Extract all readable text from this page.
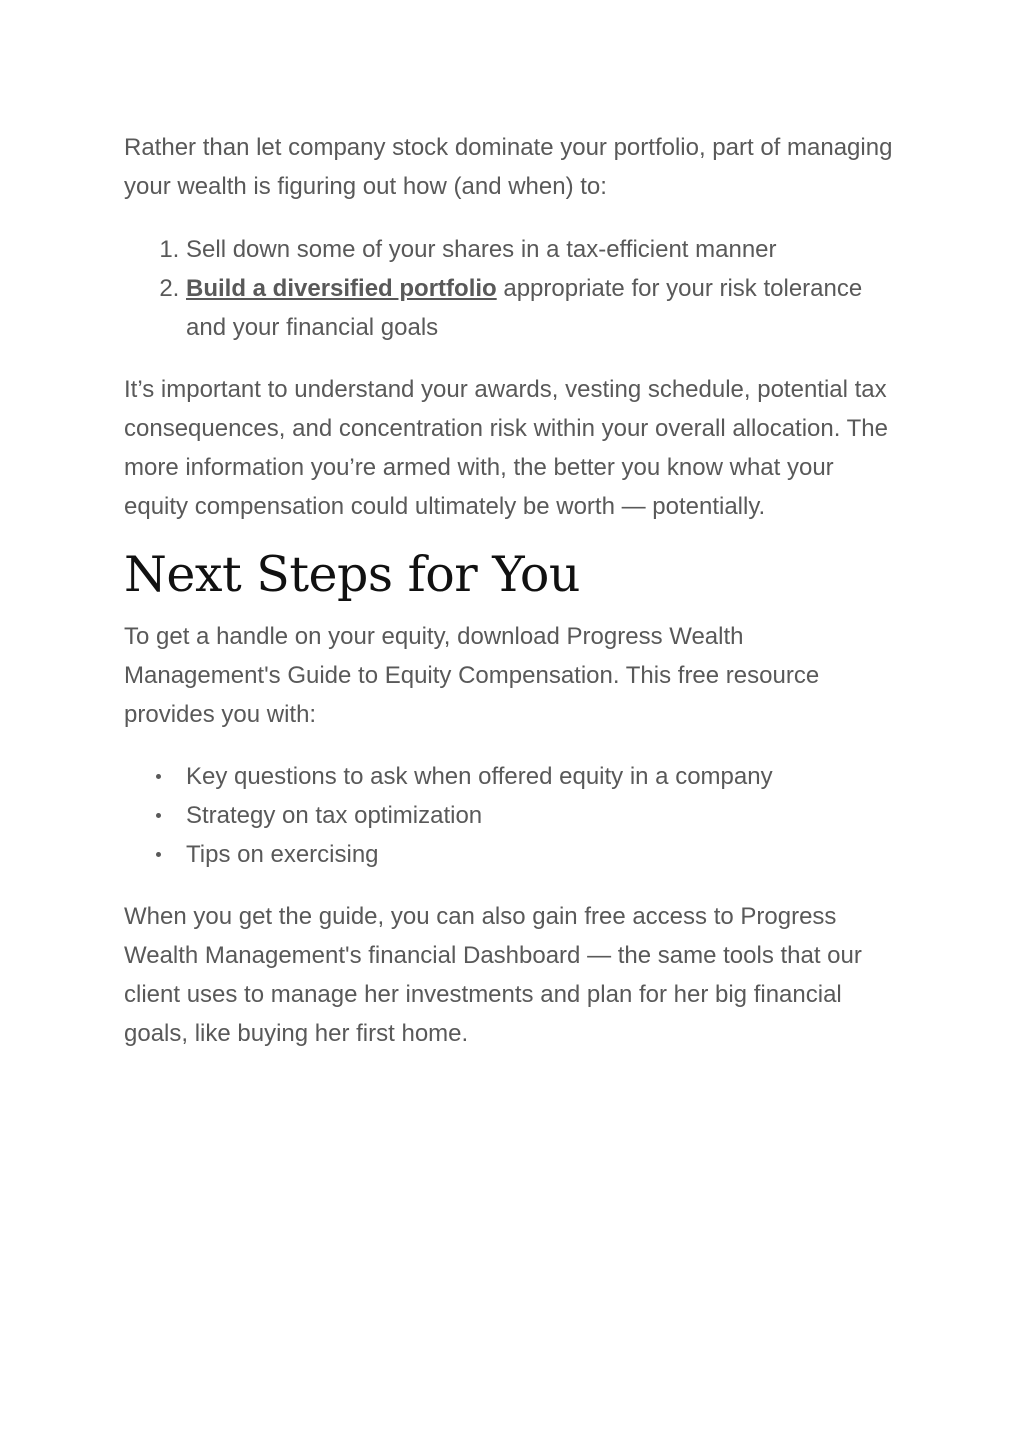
Rather than let company stock dominate your portfolio, part of managing your wealth is figuring out how (and when) to:

1. Sell down some of your shares in a tax-efficient manner
2. Build a diversified portfolio appropriate for your risk tolerance and your financial goals

It’s important to understand your awards, vesting schedule, potential tax consequences, and concentration risk within your overall allocation. The more information you’re armed with, the better you know what your equity compensation could ultimately be worth — potentially.

Next Steps for You

To get a handle on your equity, download Progress Wealth Management's Guide to Equity Compensation. This free resource provides you with:

Key questions to ask when offered equity in a company
Strategy on tax optimization
Tips on exercising

When you get the guide, you can also gain free access to Progress Wealth Management's financial Dashboard — the same tools that our client uses to manage her investments and plan for her big financial goals, like buying her first home.
